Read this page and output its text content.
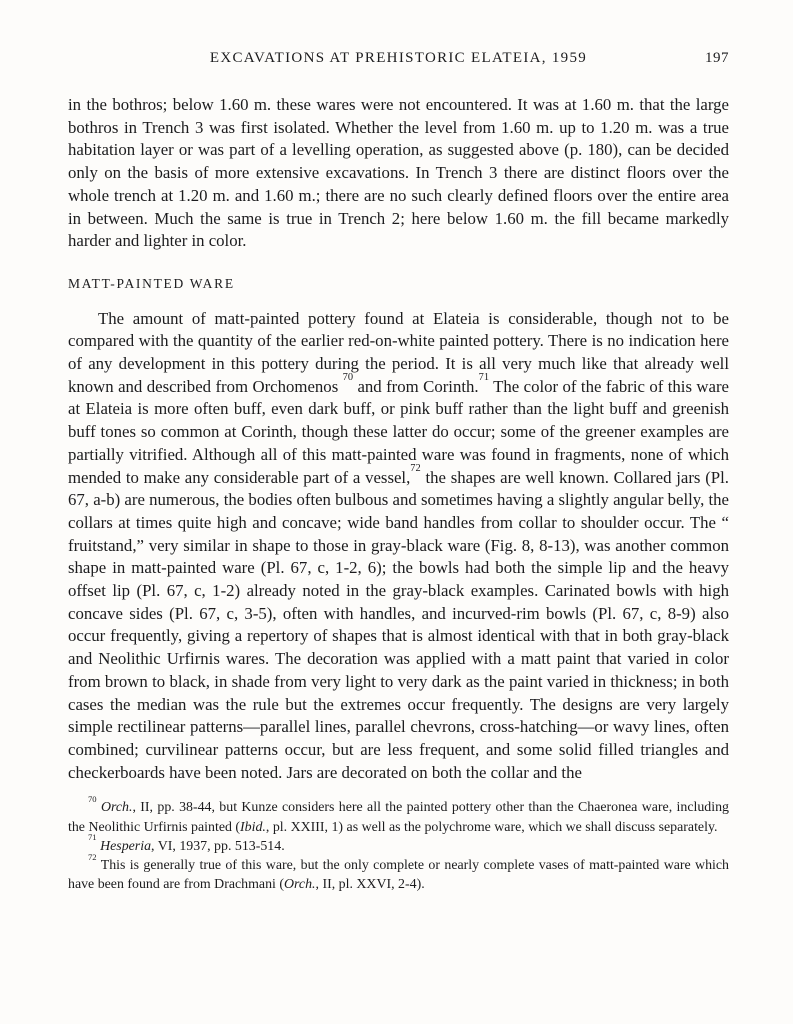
EXCAVATIONS AT PREHISTORIC ELATEIA, 1959	197

in the bothros; below 1.60 m. these wares were not encountered. It was at 1.60 m. that the large bothros in Trench 3 was first isolated. Whether the level from 1.60 m. up to 1.20 m. was a true habitation layer or was part of a levelling operation, as suggested above (p. 180), can be decided only on the basis of more extensive excavations. In Trench 3 there are distinct floors over the whole trench at 1.20 m. and 1.60 m.; there are no such clearly defined floors over the entire area in between. Much the same is true in Trench 2; here below 1.60 m. the fill became markedly harder and lighter in color.

MATT-PAINTED WARE

The amount of matt-painted pottery found at Elateia is considerable, though not to be compared with the quantity of the earlier red-on-white painted pottery. There is no indication here of any development in this pottery during the period. It is all very much like that already well known and described from Orchomenos $^{70}$ and from Corinth.$^{71}$ The color of the fabric of this ware at Elateia is more often buff, even dark buff, or pink buff rather than the light buff and greenish buff tones so common at Corinth, though these latter do occur; some of the greener examples are partially vitrified. Although all of this matt-painted ware was found in fragments, none of which mended to make any considerable part of a vessel,$^{72}$ the shapes are well known. Collared jars (Pl. 67, a-b) are numerous, the bodies often bulbous and sometimes having a slightly angular belly, the collars at times quite high and concave; wide band handles from collar to shoulder occur. The “ fruitstand,” very similar in shape to those in gray-black ware (Fig. 8, 8-13), was another common shape in matt-painted ware (Pl. 67, c, 1-2, 6); the bowls had both the simple lip and the heavy offset lip (Pl. 67, c, 1-2) already noted in the gray-black examples. Carinated bowls with high concave sides (Pl. 67, c, 3-5), often with handles, and incurved-rim bowls (Pl. 67, c, 8-9) also occur frequently, giving a repertory of shapes that is almost identical with that in both gray-black and Neolithic Urfirnis wares. The decoration was applied with a matt paint that varied in color from brown to black, in shade from very light to very dark as the paint varied in thickness; in both cases the median was the rule but the extremes occur frequently. The designs are very largely simple rectilinear patterns—parallel lines, parallel chevrons, cross-hatching—or wavy lines, often combined; curvilinear patterns occur, but are less frequent, and some solid filled triangles and checkerboards have been noted. Jars are decorated on both the collar and the

$^{70}$ Orch., II, pp. 38-44, but Kunze considers here all the painted pottery other than the Chaeronea ware, including the Neolithic Urfirnis painted (Ibid., pl. XXIII, 1) as well as the polychrome ware, which we shall discuss separately.

$^{71}$ Hesperia, VI, 1937, pp. 513-514.

$^{72}$ This is generally true of this ware, but the only complete or nearly complete vases of matt-painted ware which have been found are from Drachmani (Orch., II, pl. XXVI, 2-4).
